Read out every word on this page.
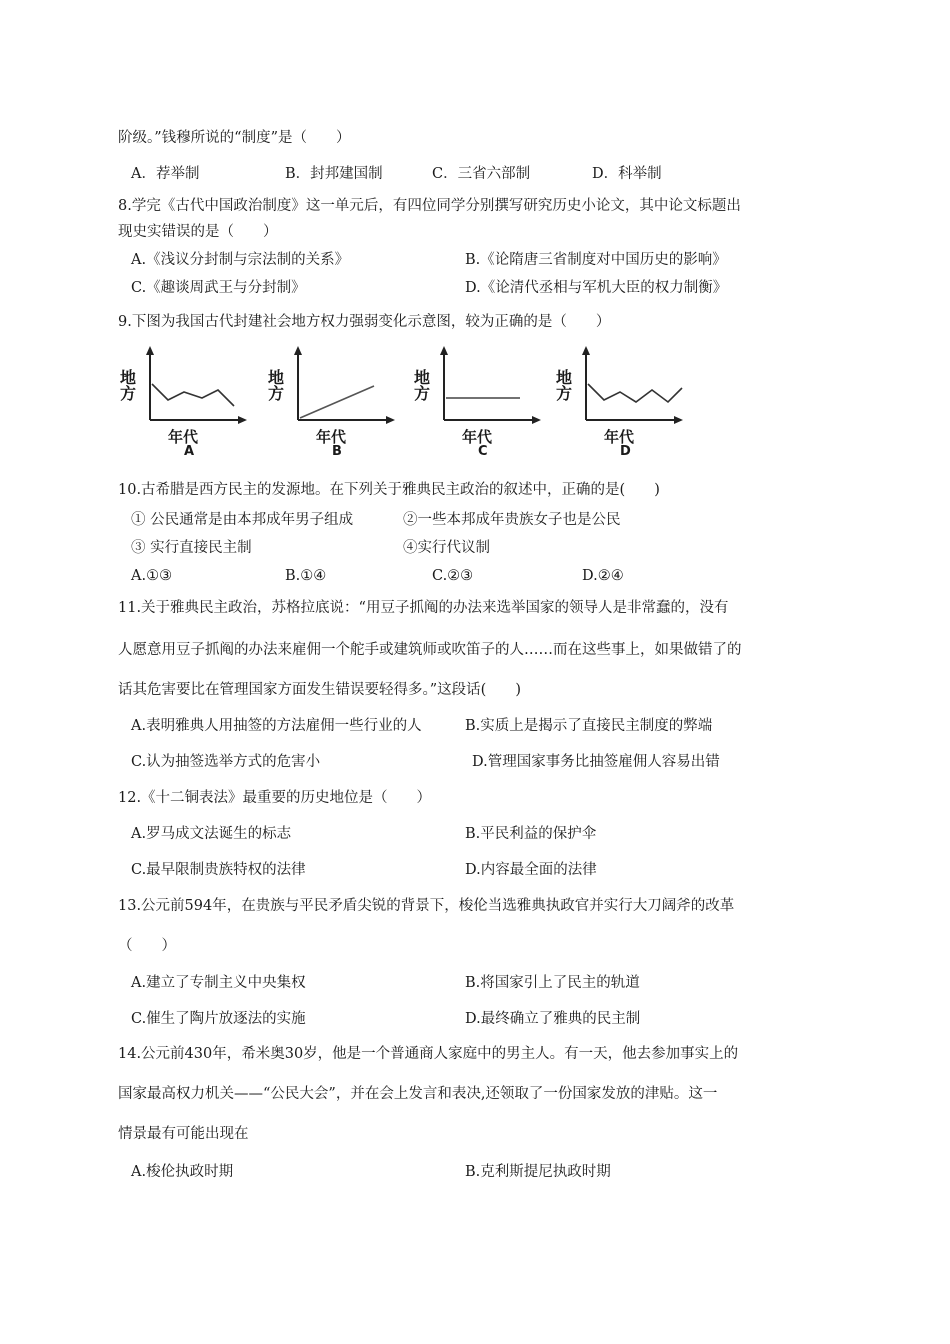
阶级。”钱穆所说的“制度”是（　　）
A．荐举制	B．封邦建国制	C．三省六部制	D．科举制
8.学完《古代中国政治制度》这一单元后，有四位同学分别撰写研究历史小论文，其中论文标题出
现史实错误的是（　　）
A.《浅议分封制与宗法制的关系》	B.《论隋唐三省制度对中国历史的影响》
C.《趣谈周武王与分封制》	D.《论清代丞相与军机大臣的权力制衡》
9.下图为我国古代封建社会地方权力强弱变化示意图，较为正确的是（　　）
地方
年代
A
地方
年代
B
地方
年代
C
地方
年代
D
10.古希腊是西方民主的发源地。在下列关于雅典民主政治的叙述中，正确的是(　　)
① 公民通常是由本邦成年男子组成	②一些本邦成年贵族女子也是公民
③ 实行直接民主制	④实行代议制
A.①③	B.①④	C.②③	D.②④
11.关于雅典民主政治，苏格拉底说：“用豆子抓阄的办法来选举国家的领导人是非常蠢的，没有
人愿意用豆子抓阄的办法来雇佣一个舵手或建筑师或吹笛子的人……而在这些事上，如果做错了的
话其危害要比在管理国家方面发生错误要轻得多。”这段话(　　)
A.表明雅典人用抽签的方法雇佣一些行业的人	B.实质上是揭示了直接民主制度的弊端
C.认为抽签选举方式的危害小	D.管理国家事务比抽签雇佣人容易出错
12.《十二铜表法》最重要的历史地位是（　　）
A.罗马成文法诞生的标志	B.平民利益的保护伞
C.最早限制贵族特权的法律	D.内容最全面的法律
13.公元前594年，在贵族与平民矛盾尖锐的背景下，梭伦当选雅典执政官并实行大刀阔斧的改革
（　　）
A.建立了专制主义中央集权	B.将国家引上了民主的轨道
C.催生了陶片放逐法的实施	D.最终确立了雅典的民主制
14.公元前430年，希米奥30岁，他是一个普通商人家庭中的男主人。有一天，他去参加事实上的
国家最高权力机关——“公民大会”，并在会上发言和表决,还领取了一份国家发放的津贴。这一
情景最有可能出现在
A.梭伦执政时期	B.克利斯提尼执政时期
